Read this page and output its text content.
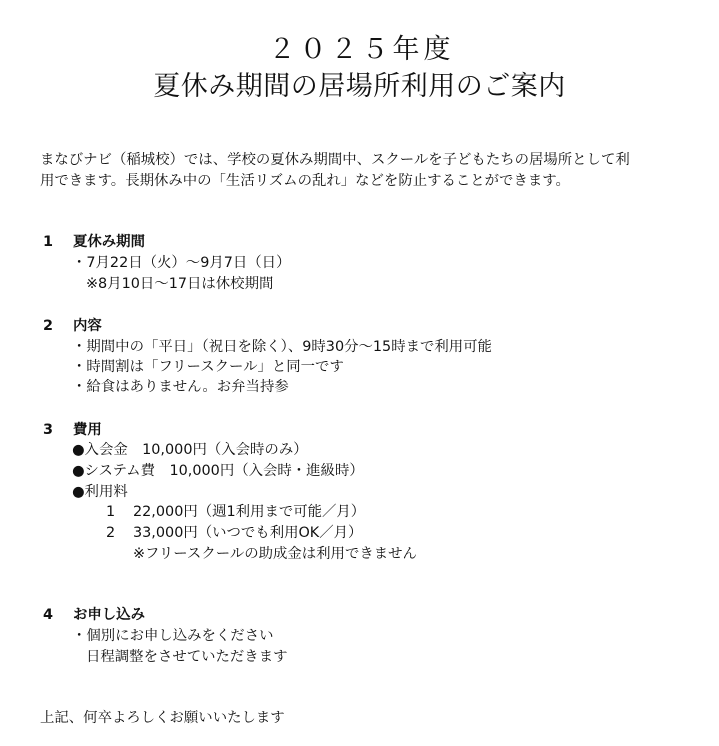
２０２５年度
夏休み期間の居場所利用のご案内
まなびナビ（稲城校）では、学校の夏休み期間中、スクールを子どもたちの居場所として利
用できます。長期休み中の「生活リズムの乱れ」などを防止することができます。
1 夏休み期間
・7月22日（火）〜9月7日（日）
※8月10日〜17日は休校期間
2 内容
・期間中の「平日」（祝日を除く）、9時30分〜15時まで利用可能
・時間割は「フリースクール」と同一です
・給食はありません。お弁当持参
3 費用
●入会金　10,000円（入会時のみ）
●システム費　10,000円（入会時・進級時）
●利用料
1 22,000円（週1利用まで可能／月）
2 33,000円（いつでも利用OK／月）
※フリースクールの助成金は利用できません
4 お申し込み
・個別にお申し込みをください
日程調整をさせていただきます
上記、何卒よろしくお願いいたします
